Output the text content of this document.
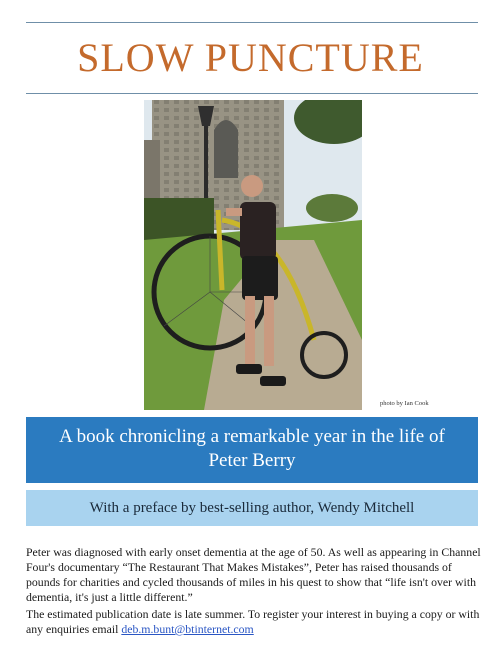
SLOW PUNCTURE
photo by Ian Cook
A book chronicling a remarkable year in the life of Peter Berry
With a preface by best-selling author, Wendy Mitchell

Peter was diagnosed with early onset dementia at the age of 50. As well as appearing in Channel Four's documentary “The Restaurant That Makes Mistakes”, Peter has raised thousands of pounds for charities and cycled thousands of miles in his quest to show that “life isn't over with dementia, it's just a little different.”

The estimated publication date is late summer. To register your interest in buying a copy or with any enquiries email deb.m.bunt@btinternet.com
